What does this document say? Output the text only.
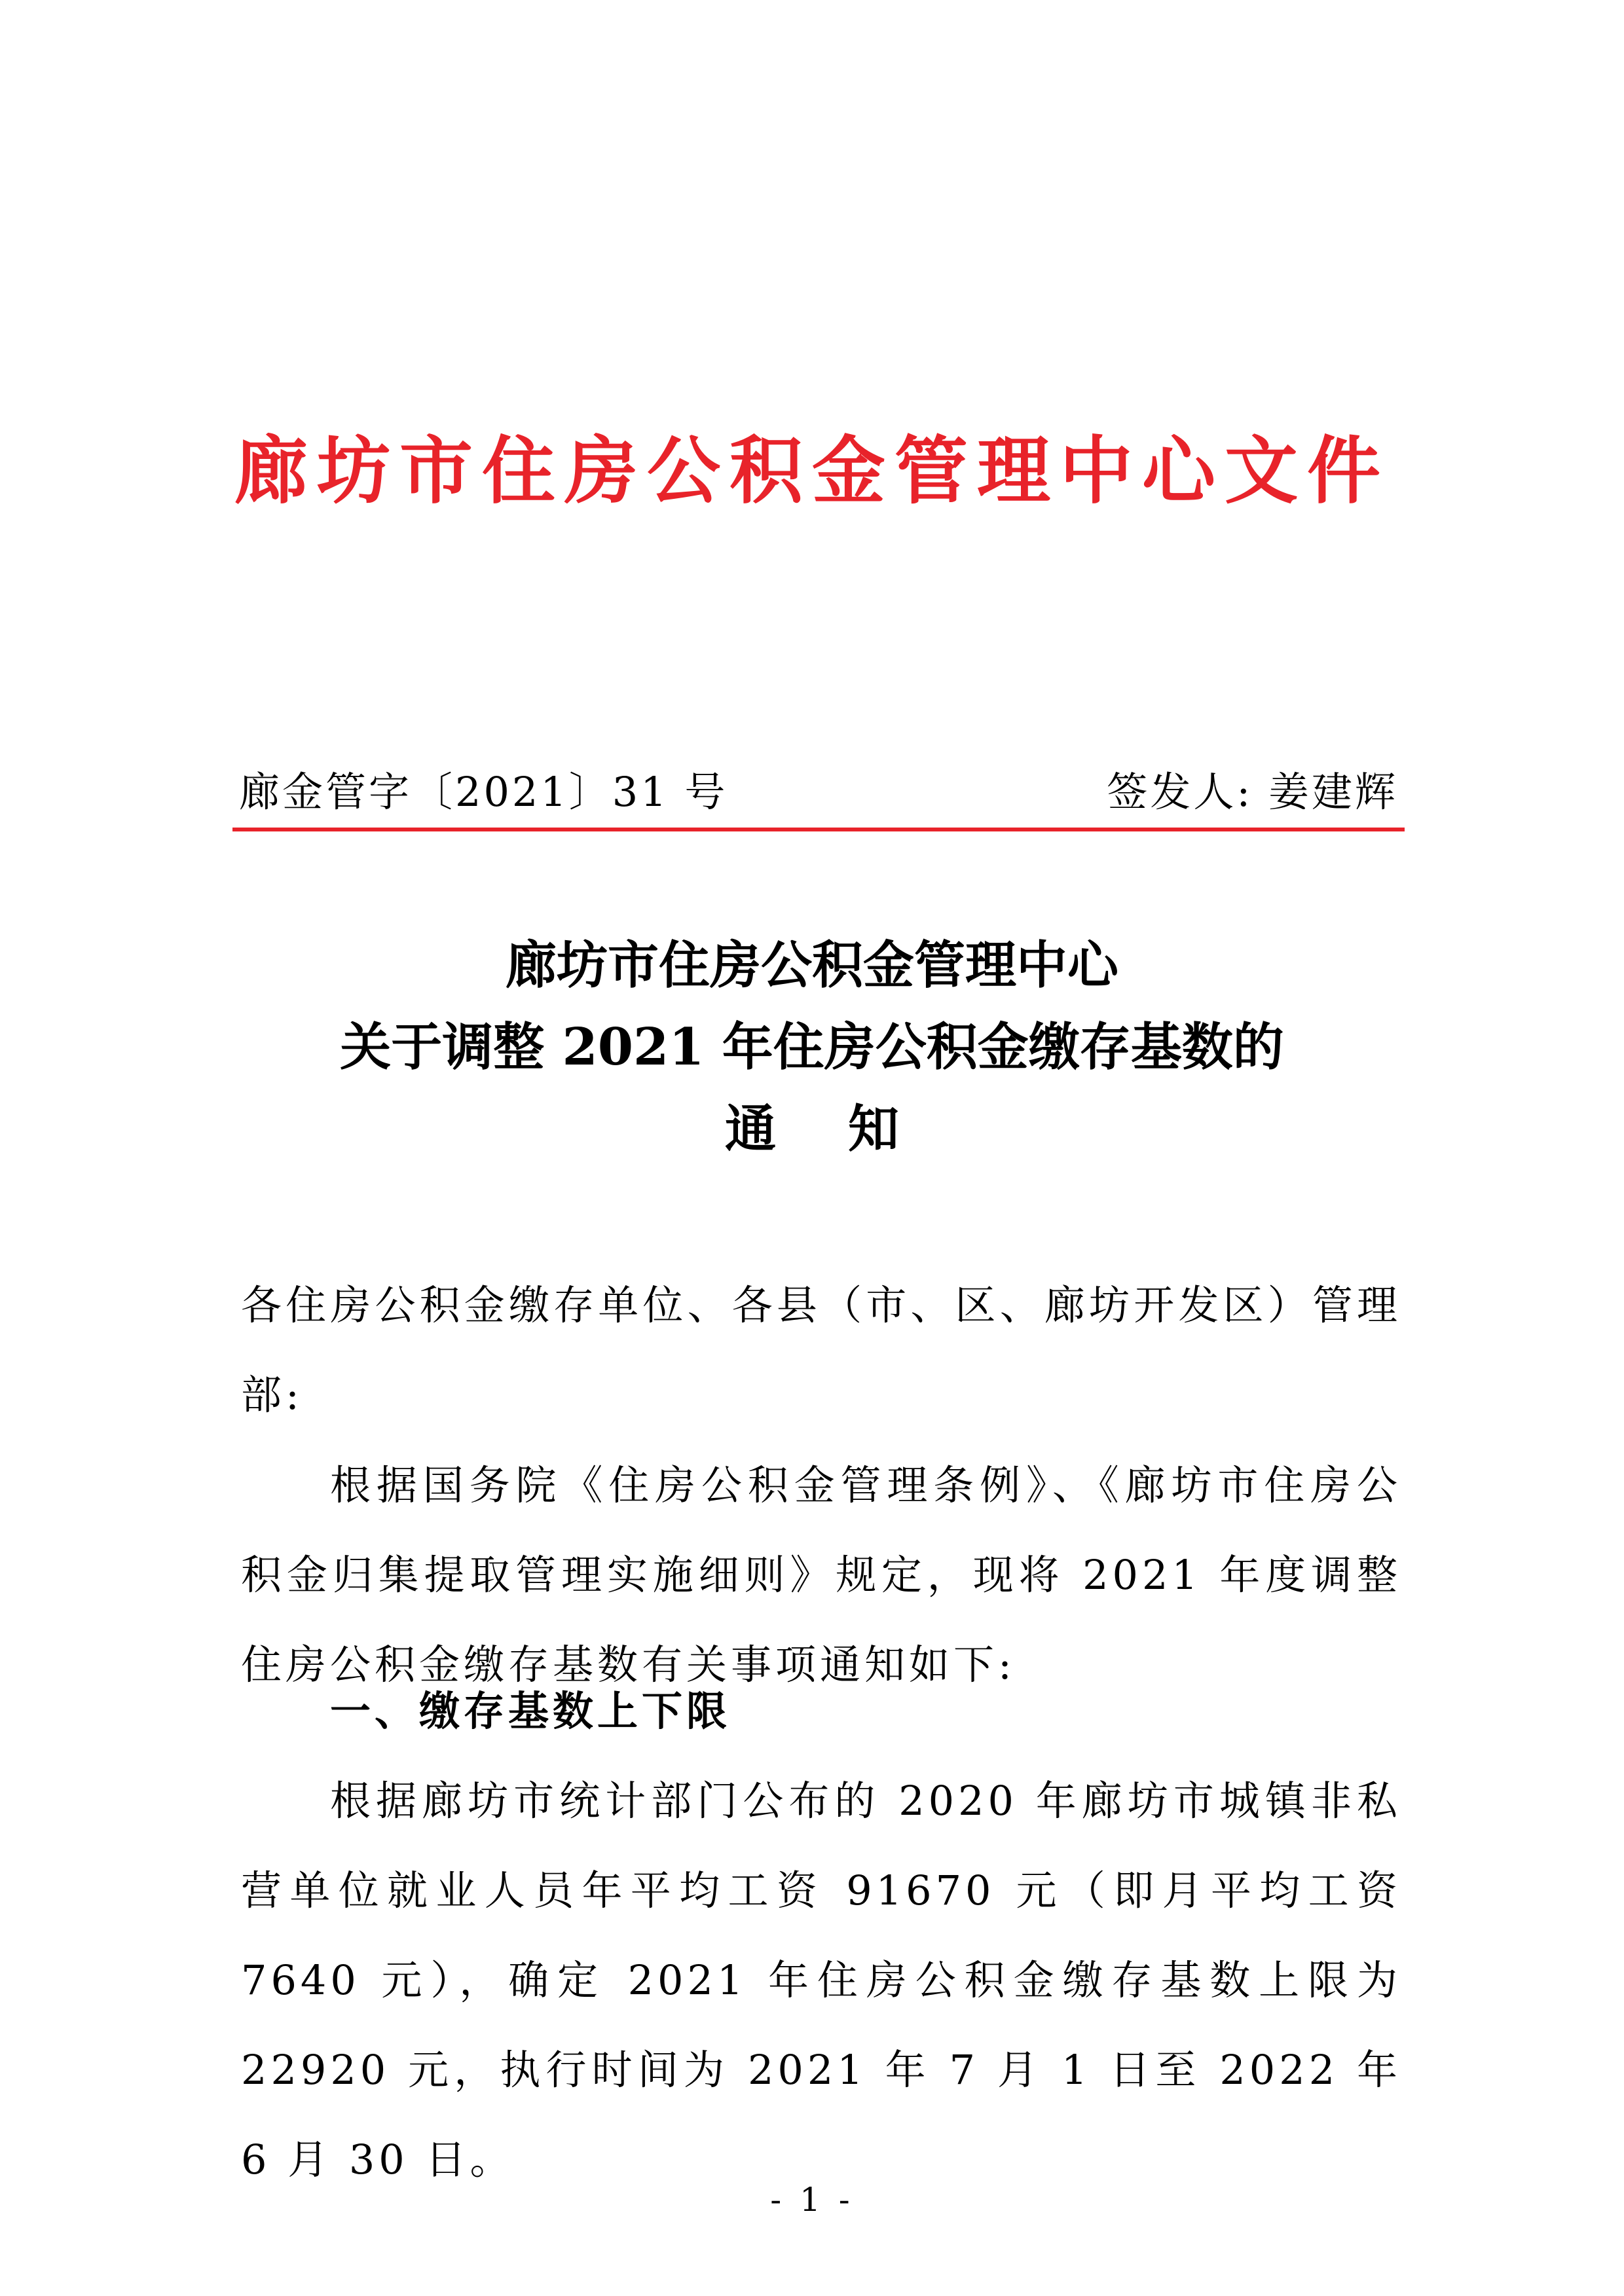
廊坊市住房公积金管理中心文件
廊金管字〔2021〕31 号	签发人: 姜建辉
廊坊市住房公积金管理中心
关于调整 2021 年住房公积金缴存基数的
通知
各住房公积金缴存单位、各县（市、区、廊坊开发区）管理部:
根据国务院《住房公积金管理条例》、《廊坊市住房公积金归集提取管理实施细则》规定，现将 2021 年度调整住房公积金缴存基数有关事项通知如下:
一、缴存基数上下限
根据廊坊市统计部门公布的 2020 年廊坊市城镇非私营单位就业人员年平均工资 91670 元（即月平均工资 7640 元），确定 2021 年住房公积金缴存基数上限为 22920 元，执行时间为 2021 年 7 月 1 日至 2022 年 6 月 30 日。
- 1 -
